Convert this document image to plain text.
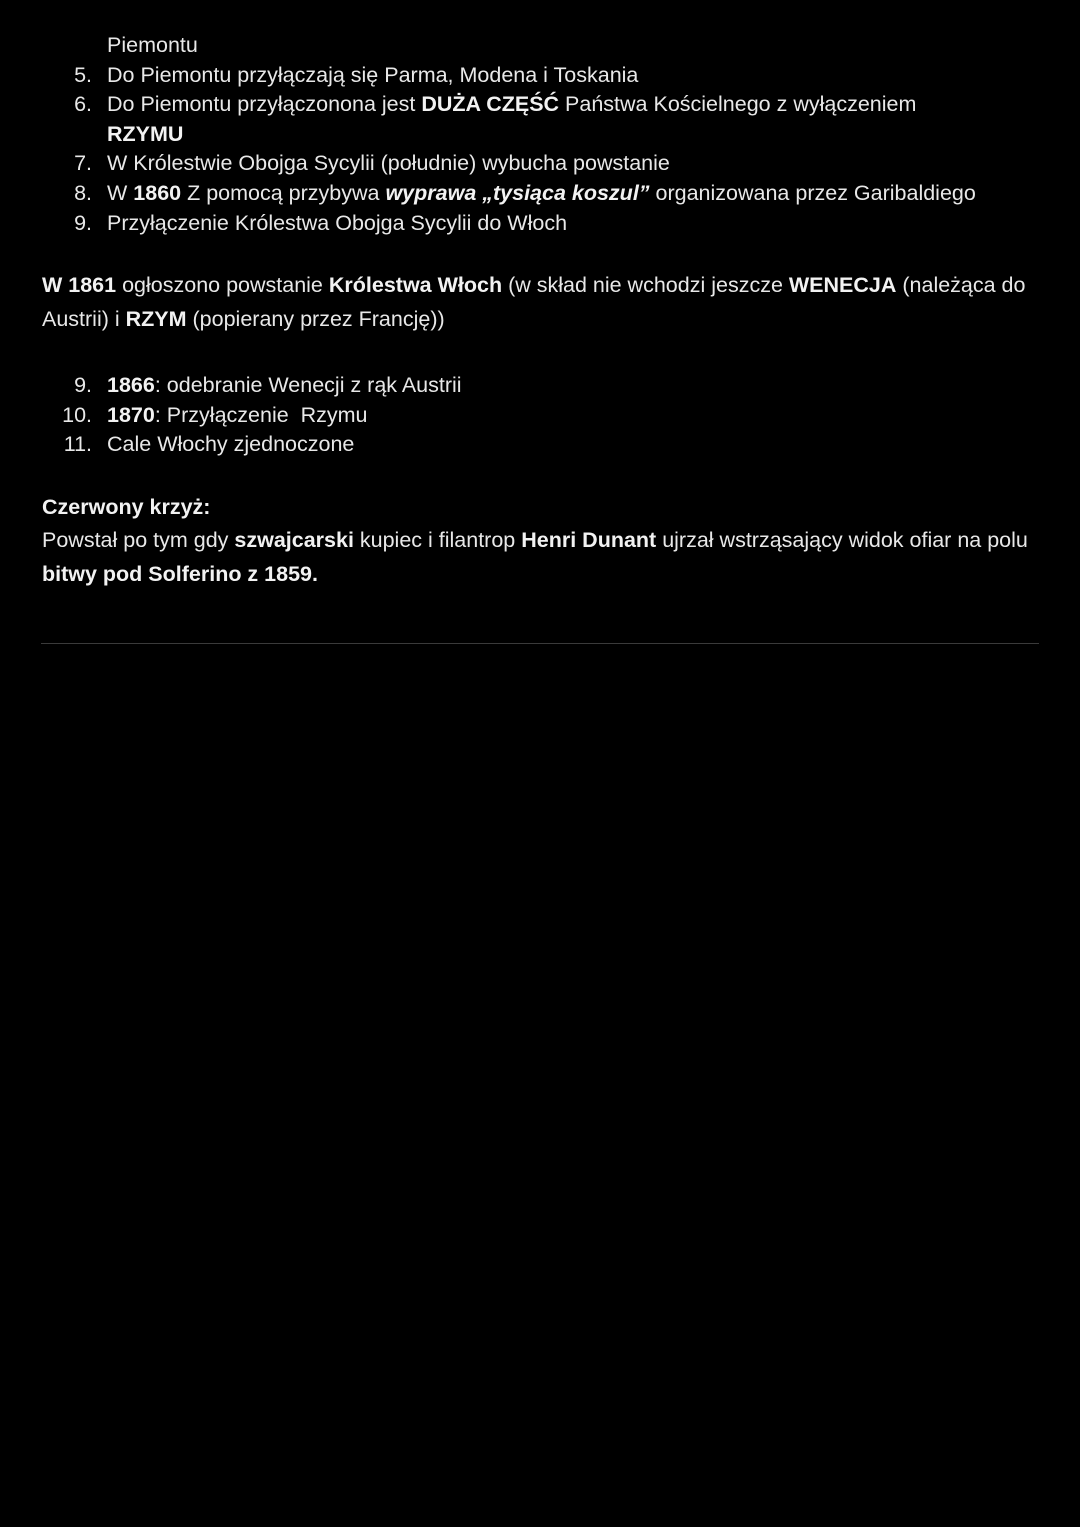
Piemontu
5. Do Piemontu przyłączają się Parma, Modena i Toskania
6. Do Piemontu przyłączonona jest DUŻA CZĘŚĆ Państwa Kościelnego z wyłączeniem
RZYMU
7. W Królestwie Obojga Sycylii (południe) wybucha powstanie
8. W 1860 Z pomocą przybywa wyprawa „tysiąca koszul” organizowana przez Garibaldiego
9. Przyłączenie Królestwa Obojga Sycylii do Włoch

W 1861 ogłoszono powstanie Królestwa Włoch (w skład nie wchodzi jeszcze WENECJA (należąca do Austrii) i RZYM (popierany przez Francję))

9. 1866: odebranie Wenecji z rąk Austrii
10. 1870: Przyłączenie  Rzymu
11. Cale Włochy zjednoczone
Czerwony krzyż:

Powstał po tym gdy szwajcarski kupiec i filantrop Henri Dunant ujrzał wstrząsający widok ofiar na polu bitwy pod Solferino z 1859.
